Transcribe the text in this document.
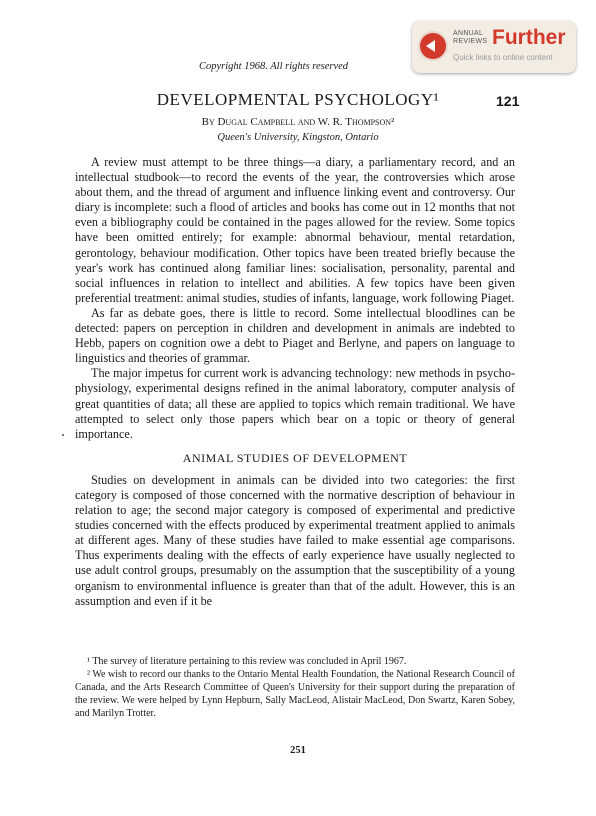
ANNUAL REVIEWS Further
Quick links to online content
Copyright 1968. All rights reserved
121
DEVELOPMENTAL PSYCHOLOGY¹
By Dugal Campbell and W. R. Thompson²
Queen's University, Kingston, Ontario

A review must attempt to be three things—a diary, a parliamentary record, and an intellectual studbook—to record the events of the year, the controversies which arose about them, and the thread of argument and influence linking event and controversy. Our diary is incomplete: such a flood of articles and books has come out in 12 months that not even a bibliography could be contained in the pages allowed for the review. Some topics have been omitted entirely; for example: abnormal behaviour, mental retardation, gerontology, behaviour modification. Other topics have been treated briefly because the year's work has continued along familiar lines: socialisation, personality, parental and social influences in relation to intellect and abilities. A few topics have been given preferential treatment: animal studies, studies of infants, language, work following Piaget.

As far as debate goes, there is little to record. Some intellectual bloodlines can be detected: papers on perception in children and development in animals are indebted to Hebb, papers on cognition owe a debt to Piaget and Berlyne, and papers on language to linguistics and theories of grammar.

The major impetus for current work is advancing technology: new methods in psycho-physiology, experimental designs refined in the animal laboratory, computer analysis of great quantities of data; all these are applied to topics which remain traditional. We have attempted to select only those papers which bear on a topic or theory of general importance.

ANIMAL STUDIES OF DEVELOPMENT

Studies on development in animals can be divided into two categories: the first category is composed of those concerned with the normative description of behaviour in relation to age; the second major category is composed of experimental and predictive studies concerned with the effects produced by experimental treatment applied to animals at different ages. Many of these studies have failed to make essential age comparisons. Thus experiments dealing with the effects of early experience have usually neglected to use adult control groups, presumably on the assumption that the susceptibility of a young organism to environmental influence is greater than that of the adult. However, this is an assumption and even if it be

¹ The survey of literature pertaining to this review was concluded in April 1967.

² We wish to record our thanks to the Ontario Mental Health Foundation, the National Research Council of Canada, and the Arts Research Committee of Queen's University for their support during the preparation of the review. We were helped by Lynn Hepburn, Sally MacLeod, Alistair MacLeod, Don Swartz, Karen Sobey, and Marilyn Trotter.

251
